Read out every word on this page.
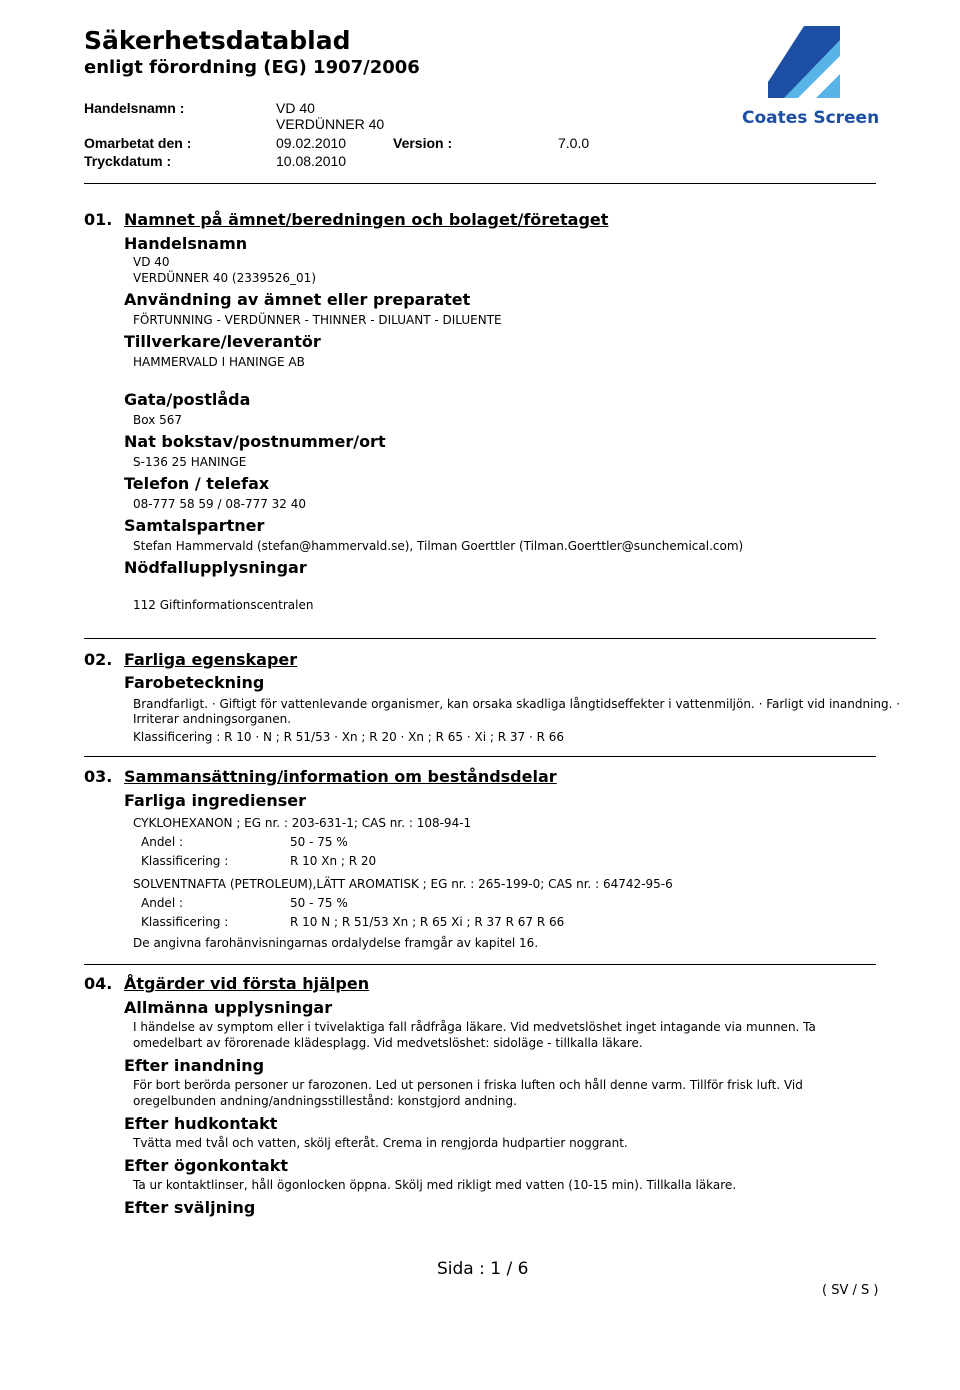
Säkerhetsdatablad
enligt förordning (EG) 1907/2006
Handelsnamn :	VD 40
VERDÜNNER 40
Omarbetat den :	09.02.2010	Version :	7.0.0
Tryckdatum :	10.08.2010
Coates Screen
01. Namnet på ämnet/beredningen och bolaget/företaget
Handelsnamn
VD 40
VERDÜNNER 40 (2339526_01)
Användning av ämnet eller preparatet
FÖRTUNNING - VERDÜNNER - THINNER - DILUANT - DILUENTE
Tillverkare/leverantör
HAMMERVALD I HANINGE AB
Gata/postlåda
Box 567
Nat bokstav/postnummer/ort
S-136 25 HANINGE
Telefon / telefax
08-777 58 59 / 08-777 32 40
Samtalspartner
Stefan Hammervald (stefan@hammervald.se), Tilman Goerttler (Tilman.Goerttler@sunchemical.com)
Nödfallupplysningar
112 Giftinformationscentralen
02. Farliga egenskaper
Farobeteckning
Brandfarligt. · Giftigt för vattenlevande organismer, kan orsaka skadliga långtidseffekter i vattenmiljön. · Farligt vid inandning. ·
Irriterar andningsorganen.
Klassificering : R 10 · N ; R 51/53 · Xn ; R 20 · Xn ; R 65 · Xi ; R 37 · R 66
03. Sammansättning/information om beståndsdelar
Farliga ingredienser
CYKLOHEXANON ; EG nr. : 203-631-1; CAS nr. : 108-94-1
Andel :	50 - 75 %
Klassificering :	R 10 Xn ; R 20
SOLVENTNAFTA (PETROLEUM),LÄTT AROMATISK ; EG nr. : 265-199-0; CAS nr. : 64742-95-6
Andel :	50 - 75 %
Klassificering :	R 10 N ; R 51/53 Xn ; R 65 Xi ; R 37 R 67 R 66
De angivna farohänvisningarnas ordalydelse framgår av kapitel 16.
04. Åtgärder vid första hjälpen
Allmänna upplysningar
I händelse av symptom eller i tvivelaktiga fall rådfråga läkare. Vid medvetslöshet inget intagande via munnen. Ta omedelbart av förorenade klädesplagg. Vid medvetslöshet: sidoläge - tillkalla läkare.
Efter inandning
För bort berörda personer ur farozonen. Led ut personen i friska luften och håll denne varm. Tillför frisk luft. Vid oregelbunden andning/andningsstillestånd: konstgjord andning.
Efter hudkontakt
Tvätta med tvål och vatten, skölj efteråt. Crema in rengjorda hudpartier noggrant.
Efter ögonkontakt
Ta ur kontaktlinser, håll ögonlocken öppna. Skölj med rikligt med vatten (10-15 min). Tillkalla läkare.
Efter sväljning
Sida : 1 / 6
( SV / S )
